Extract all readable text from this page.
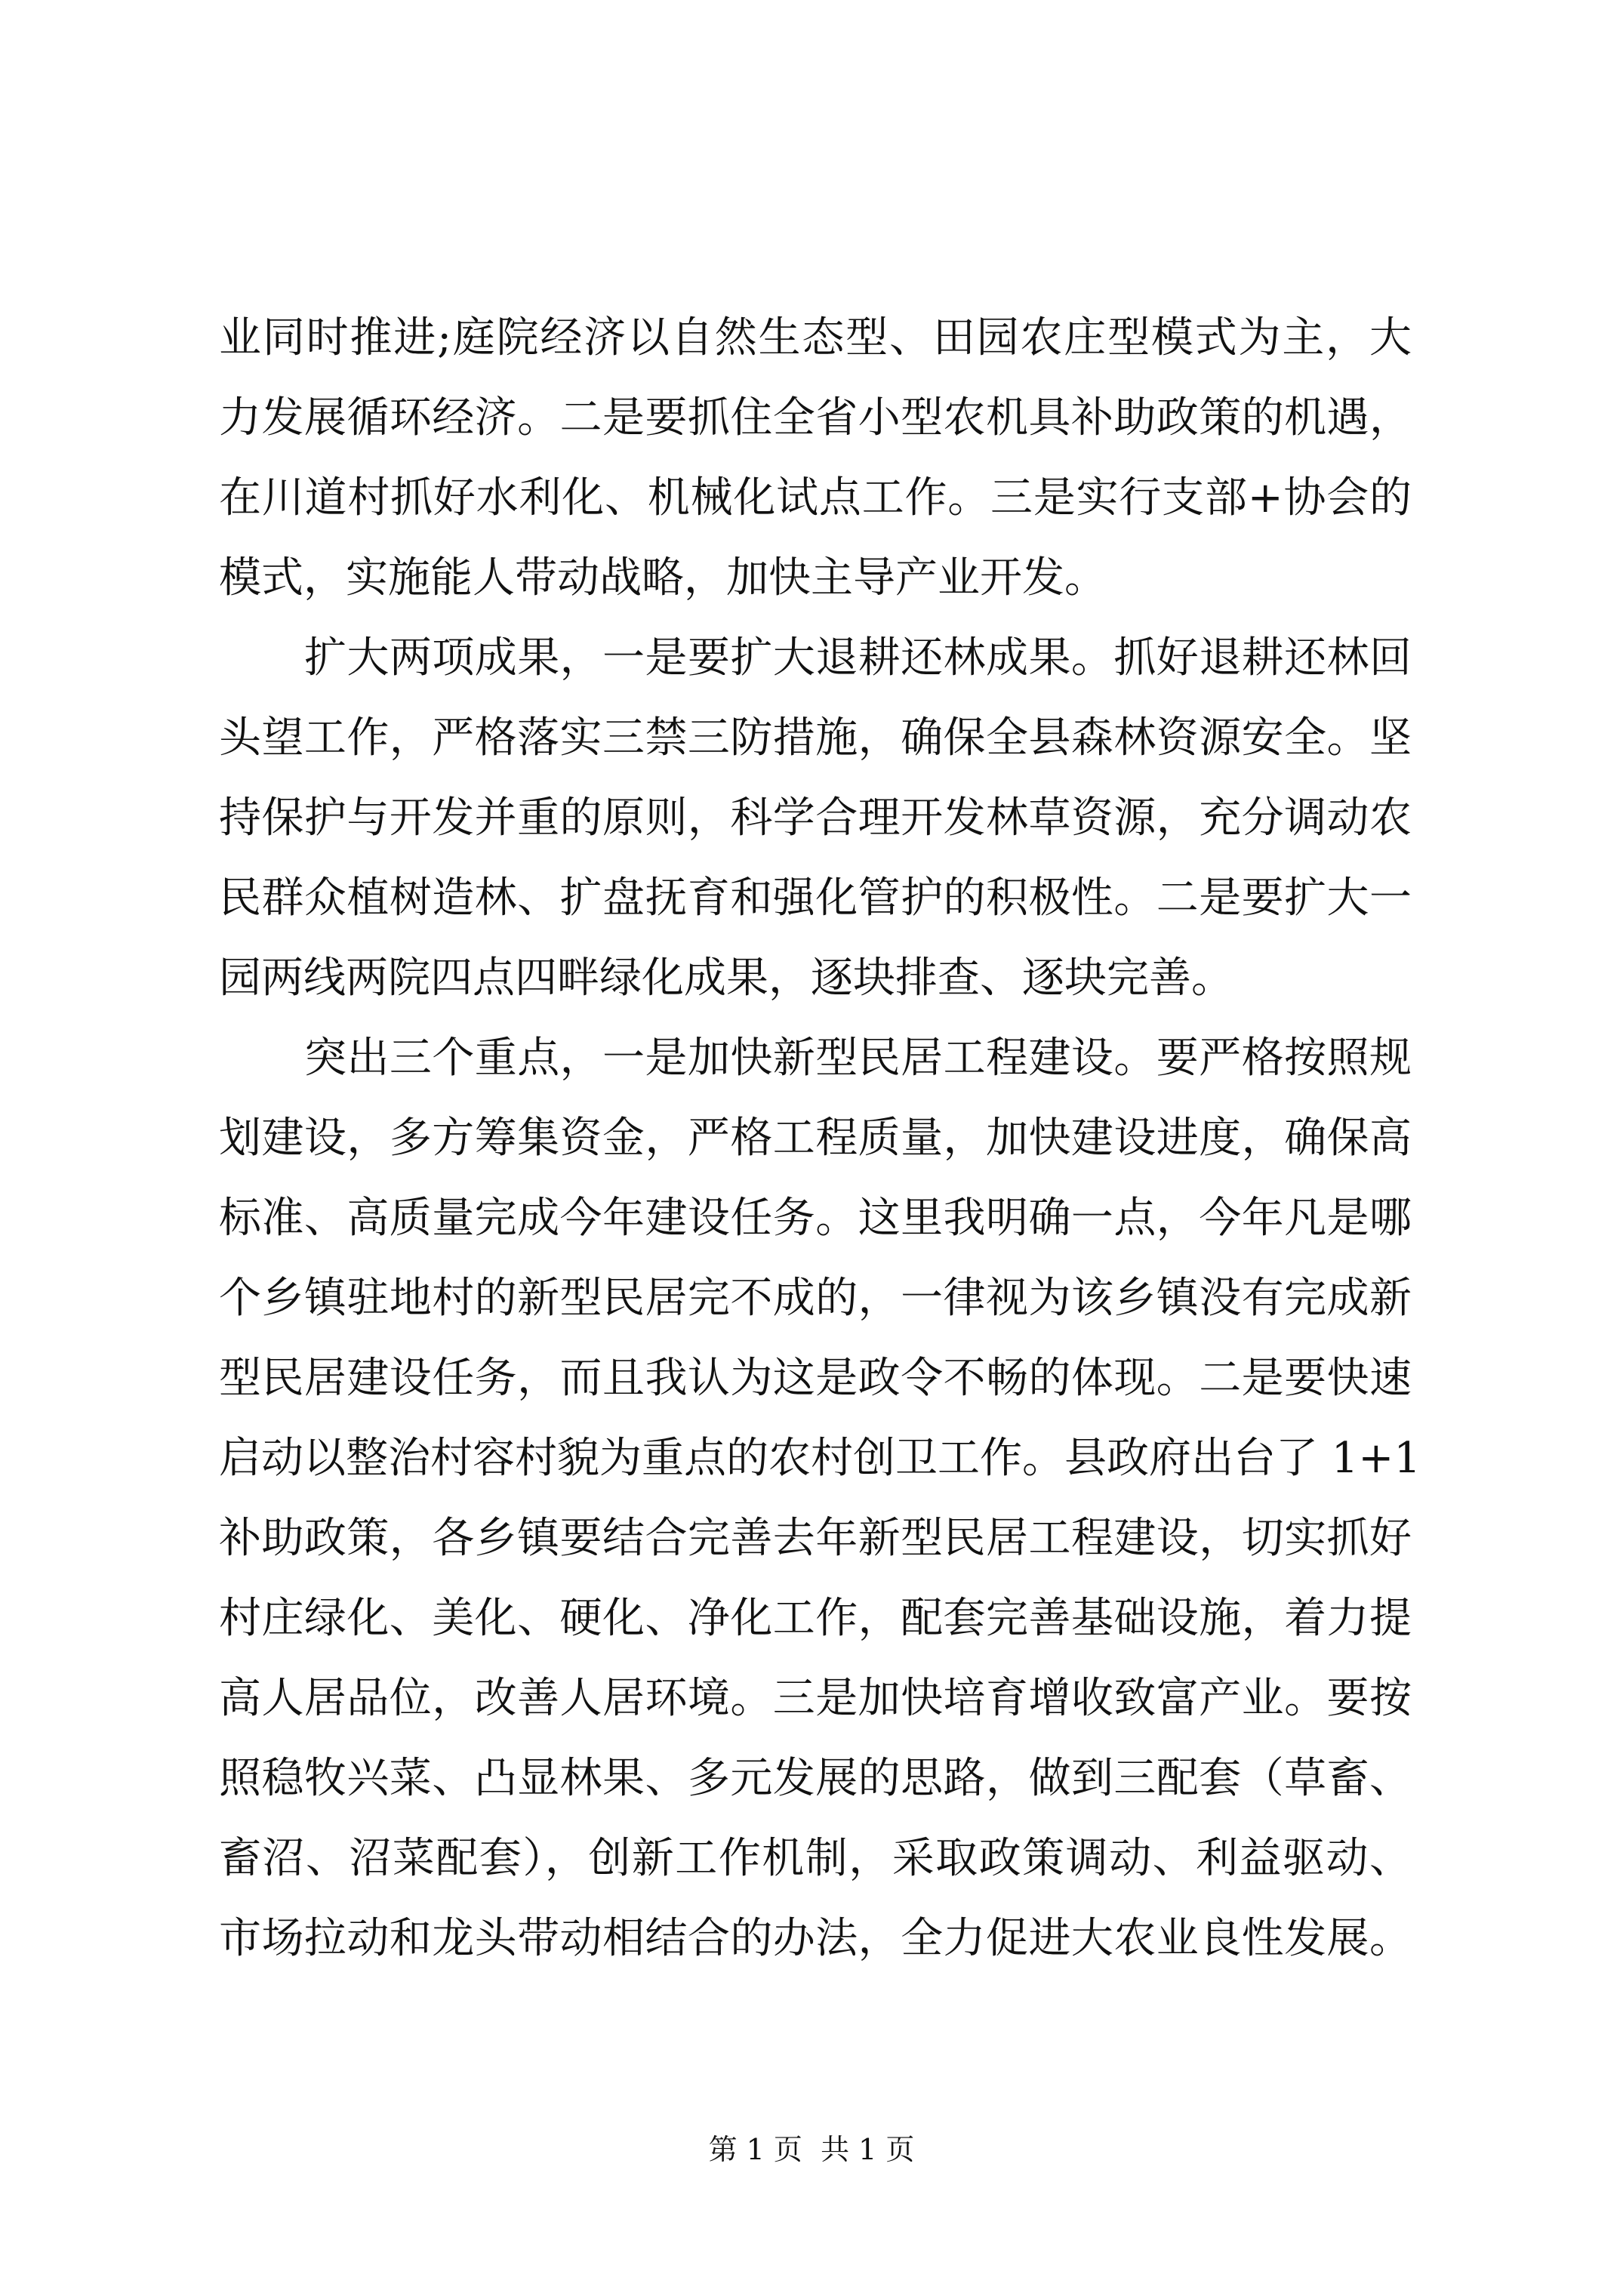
业同时推进;庭院经济以自然生态型、田园农庄型模式为主，大
力发展循环经济。二是要抓住全省小型农机具补助政策的机遇，
在川道村抓好水利化、机械化试点工作。三是实行支部+协会的
模式，实施能人带动战略，加快主导产业开发。
扩大两项成果，一是要扩大退耕还林成果。抓好退耕还林回
头望工作，严格落实三禁三防措施，确保全县森林资源安全。坚
持保护与开发并重的原则，科学合理开发林草资源，充分调动农
民群众植树造林、扩盘抚育和强化管护的积极性。二是要扩大一
园两线两院四点四畔绿化成果，逐块排查、逐块完善。
突出三个重点，一是加快新型民居工程建设。要严格按照规
划建设，多方筹集资金，严格工程质量，加快建设进度，确保高
标准、高质量完成今年建设任务。这里我明确一点，今年凡是哪
个乡镇驻地村的新型民居完不成的，一律视为该乡镇没有完成新
型民居建设任务，而且我认为这是政令不畅的体现。二是要快速
启动以整治村容村貌为重点的农村创卫工作。县政府出台了 1+1
补助政策，各乡镇要结合完善去年新型民居工程建设，切实抓好
村庄绿化、美化、硬化、净化工作，配套完善基础设施，着力提
高人居品位，改善人居环境。三是加快培育增收致富产业。要按
照稳牧兴菜、凸显林果、多元发展的思路，做到三配套（草畜、
畜沼、沼菜配套），创新工作机制，采取政策调动、利益驱动、
市场拉动和龙头带动相结合的办法，全力促进大农业良性发展。
第 1 页  共 1 页
